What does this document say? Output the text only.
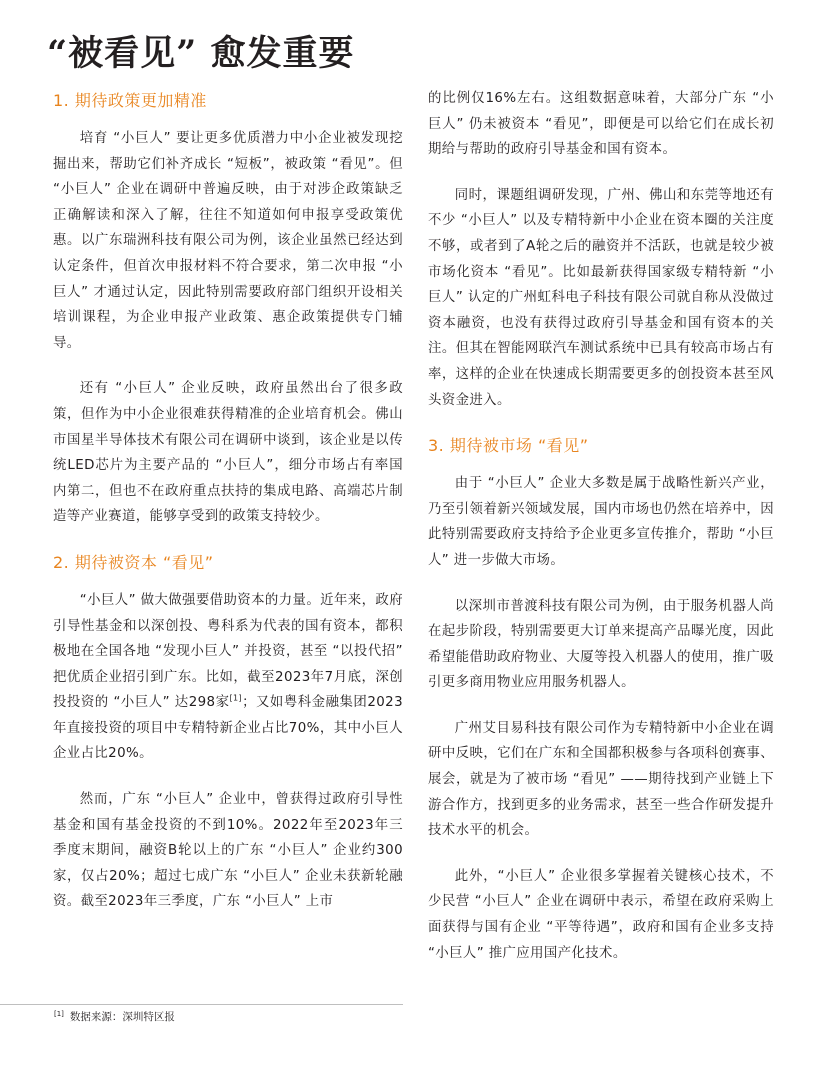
“被看见” 愈发重要
1. 期待政策更加精准

培育 “小巨人” 要让更多优质潜力中小企业被发现挖掘出来，帮助它们补齐成长 “短板”，被政策 “看见”。但 “小巨人” 企业在调研中普遍反映，由于对涉企政策缺乏正确解读和深入了解，往往不知道如何申报享受政策优惠。以广东瑞洲科技有限公司为例，该企业虽然已经达到认定条件，但首次申报材料不符合要求，第二次申报 “小巨人” 才通过认定，因此特别需要政府部门组织开设相关培训课程，为企业申报产业政策、惠企政策提供专门辅导。

还有 “小巨人” 企业反映，政府虽然出台了很多政策，但作为中小企业很难获得精准的企业培育机会。佛山市国星半导体技术有限公司在调研中谈到，该企业是以传统LED芯片为主要产品的 “小巨人”，细分市场占有率国内第二，但也不在政府重点扶持的集成电路、高端芯片制造等产业赛道，能够享受到的政策支持较少。

2. 期待被资本 “看见”

“小巨人” 做大做强要借助资本的力量。近年来，政府引导性基金和以深创投、粤科系为代表的国有资本，都积极地在全国各地 “发现小巨人” 并投资，甚至 “以投代招” 把优质企业招引到广东。比如，截至2023年7月底，深创投投资的 “小巨人” 达298家[1]；又如粤科金融集团2023年直接投资的项目中专精特新企业占比70%，其中小巨人企业占比20%。

然而，广东 “小巨人” 企业中，曾获得过政府引导性基金和国有基金投资的不到10%。2022年至2023年三季度末期间，融资B轮以上的广东 “小巨人” 企业约300家，仅占20%；超过七成广东 “小巨人” 企业未获新轮融资。截至2023年三季度，广东 “小巨人” 上市

的比例仅16%左右。这组数据意味着，大部分广东 “小巨人” 仍未被资本 “看见”，即便是可以给它们在成长初期给与帮助的政府引导基金和国有资本。

同时，课题组调研发现，广州、佛山和东莞等地还有不少 “小巨人” 以及专精特新中小企业在资本圈的关注度不够，或者到了A轮之后的融资并不活跃，也就是较少被市场化资本 “看见”。比如最新获得国家级专精特新 “小巨人” 认定的广州虹科电子科技有限公司就自称从没做过资本融资，也没有获得过政府引导基金和国有资本的关注。但其在智能网联汽车测试系统中已具有较高市场占有率，这样的企业在快速成长期需要更多的创投资本甚至风头资金进入。

3. 期待被市场 “看见”

由于 “小巨人” 企业大多数是属于战略性新兴产业，乃至引领着新兴领域发展，国内市场也仍然在培养中，因此特别需要政府支持给予企业更多宣传推介，帮助 “小巨人” 进一步做大市场。

以深圳市普渡科技有限公司为例，由于服务机器人尚在起步阶段，特别需要更大订单来提高产品曝光度，因此希望能借助政府物业、大厦等投入机器人的使用，推广吸引更多商用物业应用服务机器人。

广州艾目易科技有限公司作为专精特新中小企业在调研中反映，它们在广东和全国都积极参与各项科创赛事、展会，就是为了被市场 “看见” ——期待找到产业链上下游合作方，找到更多的业务需求，甚至一些合作研发提升技术水平的机会。

此外，“小巨人” 企业很多掌握着关键核心技术，不少民营 “小巨人” 企业在调研中表示，希望在政府采购上面获得与国有企业 “平等待遇”，政府和国有企业多支持 “小巨人” 推广应用国产化技术。

[1] 数据来源：深圳特区报
